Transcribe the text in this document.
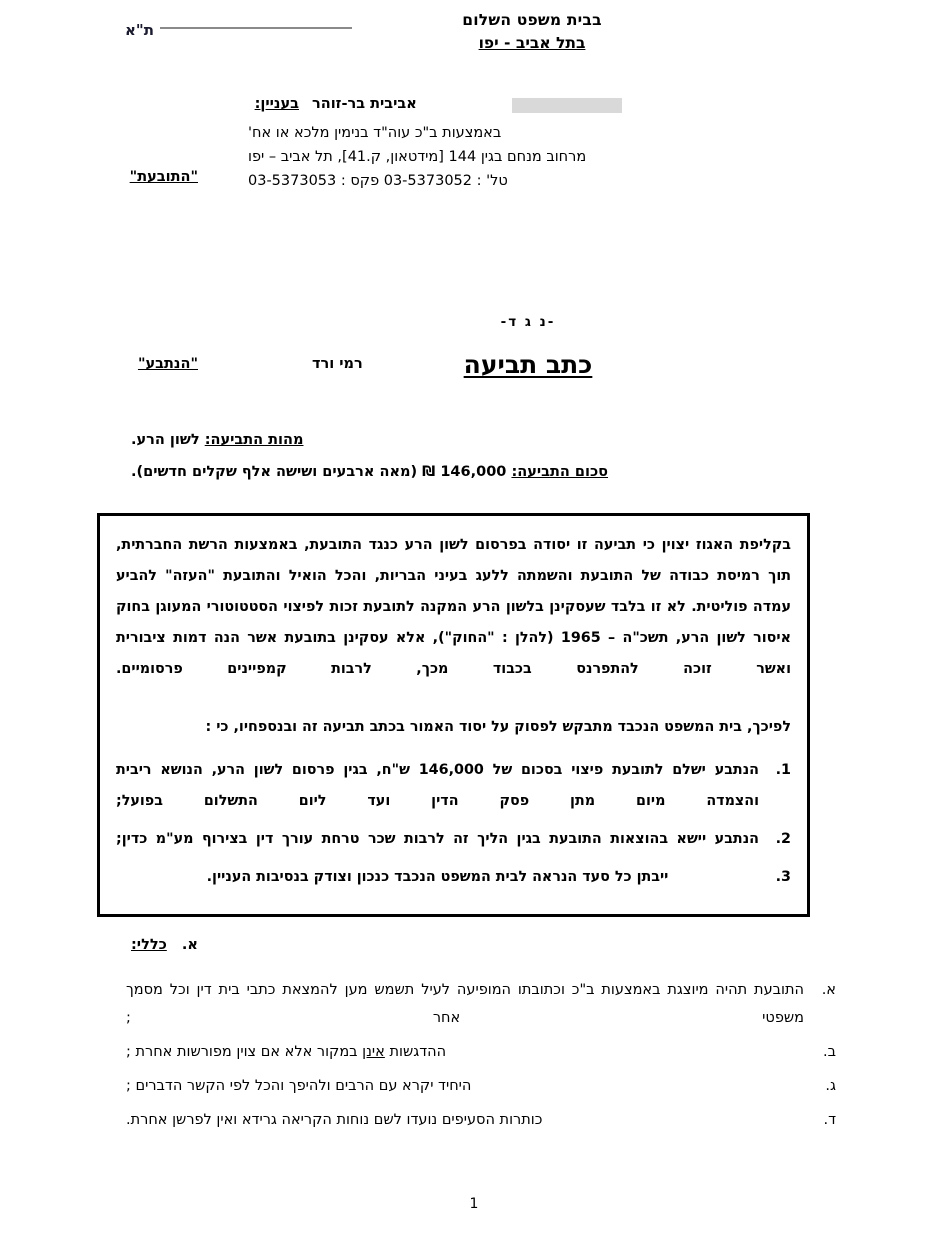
בבית משפט השלום
בתל אביב - יפו
ת"א
בעניין: אביבית בר-זוהר
באמצעות ב"כ עוה"ד בנימין מלכא או אח'
מרחוב מנחם בגין 144 [מידטאון, ק.41], תל אביב – יפו
טל' : 03-5373052 פקס : 03-5373053
"התובעת"
-נ ג ד-
רמי ורד
"הנתבע"	כתב תביעה
מהות התביעה: לשון הרע.
סכום התביעה: 146,000 ₪ (מאה ארבעים ושישה אלף שקלים חדשים).

בקליפת האגוז יצוין כי תביעה זו יסודה בפרסום לשון הרע כנגד התובעת, באמצעות הרשת החברתית, תוך רמיסת כבודה של התובעת והשמתה ללעג בעיני הבריות, והכל הואיל והתובעת "העזה" להביע עמדה פוליטית. לא זו בלבד שעסקינן בלשון הרע המקנה לתובעת זכות לפיצוי הסטטוטורי המעוגן בחוק איסור לשון הרע, תשכ"ה – 1965 (להלן : "החוק"), אלא עסקינן בתובעת אשר הנה דמות ציבורית ואשר זוכה להתפרנס בכבוד מכך, לרבות קמפיינים פרסומיים.

לפיכך, בית המשפט הנכבד מתבקש לפסוק על יסוד האמור בכתב תביעה זה ובנספחיו, כי :

1.
הנתבע ישלם לתובעת פיצוי בסכום של 146,000 ש"ח, בגין פרסום לשון הרע, הנושא ריבית והצמדה מיום מתן פסק הדין ועד ליום התשלום בפועל;
2.
הנתבע יישא בהוצאות התובעת בגין הליך זה לרבות שכר טרחת עורך דין בצירוף מע"מ כדין;
3.
ייבתן כל סעד הנראה לבית המשפט הנכבד כנכון וצודק בנסיבות העניין.
א. כללי:
א.
התובעת תהיה מיוצגת באמצעות ב"כ וכתובתו המופיעה לעיל תשמש מען להמצאת כתבי בית דין וכל מסמך משפטי אחר ;
ב.
ההדגשות אינן במקור אלא אם צוין מפורשות אחרת ;
ג.
היחיד יקרא עם הרבים ולהיפך והכל לפי הקשר הדברים ;
ד.
כותרות הסעיפים נועדו לשם נוחות הקריאה גרידא ואין לפרשן אחרת.
1
